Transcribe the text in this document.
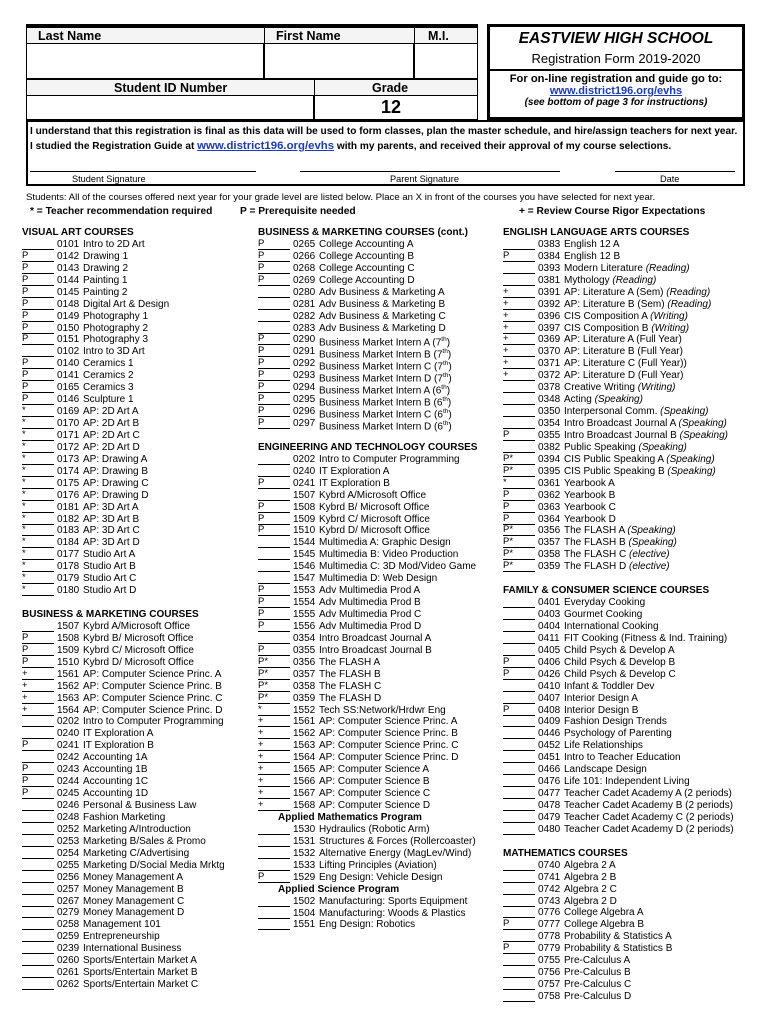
Last Name	First Name	M.I.
Student ID Number	Grade
12
EASTVIEW HIGH SCHOOL
Registration Form 2019-2020
For on-line registration and guide go to:
www.district196.org/evhs
(see bottom of page 3 for instructions)
I understand that this registration is final as this data will be used to form classes, plan the master schedule, and hire/assign teachers for next year.
I studied the Registration Guide at www.district196.org/evhs with my parents, and received their approval of my course selections.
Student Signature	Parent Signature	Date
Students: All of the courses offered next year for your grade level are listed below. Place an X in front of the courses you have selected for next year.
* = Teacher recommendation required	P = Prerequisite needed	+ = Review Course Rigor Expectations
VISUAL ART COURSES
0101 Intro to 2D Art
P	0142 Drawing 1
P	0143 Drawing 2
P	0144 Painting 1
P	0145 Painting 2
P	0148 Digital Art & Design
P	0149 Photography 1
P	0150 Photography 2
P	0151 Photography 3
0102 Intro to 3D Art
P	0140 Ceramics 1
P	0141 Ceramics 2
P	0165 Ceramics 3
P	0146 Sculpture 1
*	0169 AP: 2D Art A
*	0170 AP: 2D Art B
*	0171 AP: 2D Art C
*	0172 AP: 2D Art D
*	0173 AP: Drawing A
*	0174 AP: Drawing B
*	0175 AP: Drawing C
*	0176 AP: Drawing D
*	0181 AP: 3D Art A
*	0182 AP: 3D Art B
*	0183 AP: 3D Art C
*	0184 AP: 3D Art D
*	0177 Studio Art A
*	0178 Studio Art B
*	0179 Studio Art C
*	0180 Studio Art D
BUSINESS & MARKETING COURSES
1507 Kybrd A/Microsoft Office
P	1508 Kybrd B/ Microsoft Office
P	1509 Kybrd C/ Microsoft Office
P	1510 Kybrd D/ Microsoft Office
+	1561 AP: Computer Science Princ. A
+	1562 AP: Computer Science Princ. B
+	1563 AP: Computer Science Princ. C
+	1564 AP: Computer Science Princ. D
0202 Intro to Computer Programming
0240 IT Exploration A
P	0241 IT Exploration B
0242 Accounting 1A
P	0243 Accounting 1B
P	0244 Accounting 1C
P	0245 Accounting 1D
0246 Personal & Business Law
0248 Fashion Marketing
0252 Marketing A/Introduction
0253 Marketing B/Sales & Promo
0254 Marketing C/Advertising
0255 Marketing D/Social Media Mrktg
0256 Money Management A
0257 Money Management B
0267 Money Management C
0279 Money Management D
0258 Management 101
0259 Entrepreneurship
0239 International Business
0260 Sports/Entertain Market A
0261 Sports/Entertain Market B
0262 Sports/Entertain Market C
BUSINESS & MARKETING COURSES (cont.)
P	0265 College Accounting A
P	0266 College Accounting B
P	0268 College Accounting C
P	0269 College Accounting D
0280 Adv Business & Marketing A
0281 Adv Business & Marketing B
0282 Adv Business & Marketing C
0283 Adv Business & Marketing D
P	0290 Business Market Intern A (7th)
P	0291 Business Market Intern B (7th)
P	0292 Business Market Intern C (7th)
P	0293 Business Market Intern D (7th)
P	0294 Business Market Intern A (6th)
P	0295 Business Market Intern B (6th)
P	0296 Business Market Intern C (6th)
P	0297 Business Market Intern D (6th)
ENGINEERING AND TECHNOLOGY COURSES
0202 Intro to Computer Programming
0240 IT Exploration A
P	0241 IT Exploration B
1507 Kybrd A/Microsoft Office
P	1508 Kybrd B/ Microsoft Office
P	1509 Kybrd C/ Microsoft Office
P	1510 Kybrd D/ Microsoft Office
1544 Multimedia A: Graphic Design
1545 Multimedia B: Video Production
1546 Multimedia C: 3D Mod/Video Game
1547 Multimedia D: Web Design
P	1553 Adv Multimedia Prod A
P	1554 Adv Multimedia Prod B
P	1555 Adv Multimedia Prod C
P	1556 Adv Multimedia Prod D
0354 Intro Broadcast Journal A
P	0355 Intro Broadcast Journal B
P*	0356 The FLASH A
P*	0357 The FLASH B
P*	0358 The FLASH C
P*	0359 The FLASH D
*	1552 Tech SS:Network/Hrdwr Eng
+	1561 AP: Computer Science Princ. A
+	1562 AP: Computer Science Princ. B
+	1563 AP: Computer Science Princ. C
+	1564 AP: Computer Science Princ. D
+	1565 AP: Computer Science A
+	1566 AP: Computer Science B
+	1567 AP: Computer Science C
+	1568 AP: Computer Science D
Applied Mathematics Program
1530 Hydraulics (Robotic Arm)
1531 Structures & Forces (Rollercoaster)
1532 Alternative Energy (MagLev/Wind)
1533 Lifting Principles (Aviation)
P	1529 Eng Design: Vehicle Design
Applied Science Program
1502 Manufacturing: Sports Equipment
1504 Manufacturing: Woods & Plastics
1551 Eng Design: Robotics
ENGLISH LANGUAGE ARTS COURSES
0383 English 12 A
P	0384 English 12 B
0393 Modern Literature (Reading)
0381 Mythology (Reading)
+	0391 AP: Literature A (Sem) (Reading)
+	0392 AP: Literature B (Sem) (Reading)
+	0396 CIS Composition A (Writing)
+	0397 CIS Composition B (Writing)
+	0369 AP: Literature A (Full Year)
+	0370 AP: Literature B (Full Year)
+	0371 AP: Literature C (Full Year))
+	0372 AP: Literature D (Full Year)
0378 Creative Writing (Writing)
0348 Acting (Speaking)
0350 Interpersonal Comm. (Speaking)
0354 Intro Broadcast Journal A (Speaking)
P	0355 Intro Broadcast Journal B (Speaking)
0382 Public Speaking (Speaking)
P*	0394 CIS Public Speaking A (Speaking)
P*	0395 CIS Public Speaking B (Speaking)
*	0361 Yearbook A
P	0362 Yearbook B
P	0363 Yearbook C
P	0364 Yearbook D
P*	0356 The FLASH A (Speaking)
P*	0357 The FLASH B (Speaking)
P*	0358 The FLASH C (elective)
P*	0359 The FLASH D (elective)
FAMILY & CONSUMER SCIENCE COURSES
0401 Everyday Cooking
0403 Gourmet Cooking
0404 International Cooking
0411 FIT Cooking (Fitness & Ind. Training)
0405 Child Psych & Develop A
P	0406 Child Psych & Develop B
P	0426 Child Psych & Develop C
0410 Infant & Toddler Dev
0407 Interior Design A
P	0408 Interior Design B
0409 Fashion Design Trends
0446 Psychology of Parenting
0452 Life Relationships
0451 Intro to Teacher Education
0466 Landscape Design
0476 Life 101: Independent Living
0477 Teacher Cadet Academy A (2 periods)
0478 Teacher Cadet Academy B (2 periods)
0479 Teacher Cadet Academy C (2 periods)
0480 Teacher Cadet Academy D (2 periods)
MATHEMATICS COURSES
0740 Algebra 2 A
0741 Algebra 2 B
0742 Algebra 2 C
0743 Algebra 2 D
0776 College Algebra A
P	0777 College Algebra B
0778 Probability & Statistics A
P	0779 Probability & Statistics B
0755 Pre-Calculus A
0756 Pre-Calculus B
0757 Pre-Calculus C
0758 Pre-Calculus D
